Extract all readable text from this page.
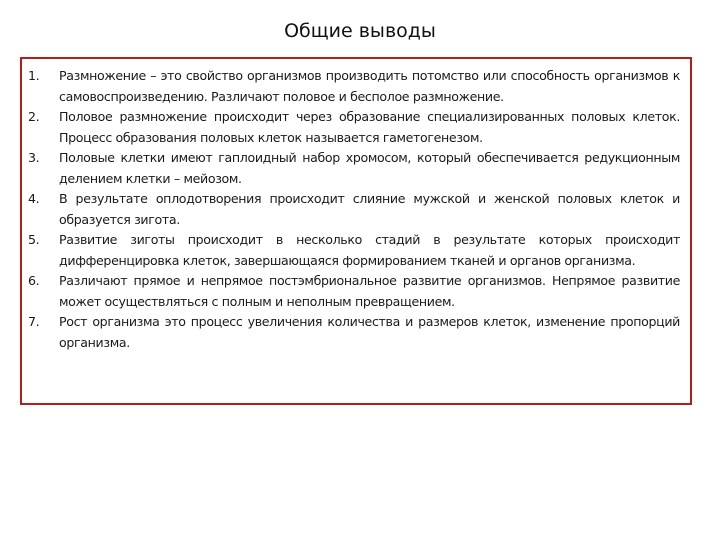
Общие выводы
1.	Размножение – это свойство организмов производить потомство или способность организмов к самовоспроизведению. Различают половое и бесполое размножение.
2.	Половое размножение происходит через образование специализированных половых клеток. Процесс образования половых клеток называется гаметогенезом.
3.	Половые клетки имеют гаплоидный набор хромосом, который обеспечивается редукционным делением клетки – мейозом.
4.	В результате оплодотворения происходит слияние мужской и женской половых клеток и образуется зигота.
5.	Развитие зиготы происходит в несколько стадий в результате которых происходит дифференцировка клеток, завершающаяся формированием тканей и органов организма.
6.	Различают прямое и непрямое постэмбриональное развитие организмов. Непрямое развитие может осуществляться с полным и неполным превращением.
7.	Рост организма это процесс увеличения количества и размеров клеток, изменение пропорций организма.
